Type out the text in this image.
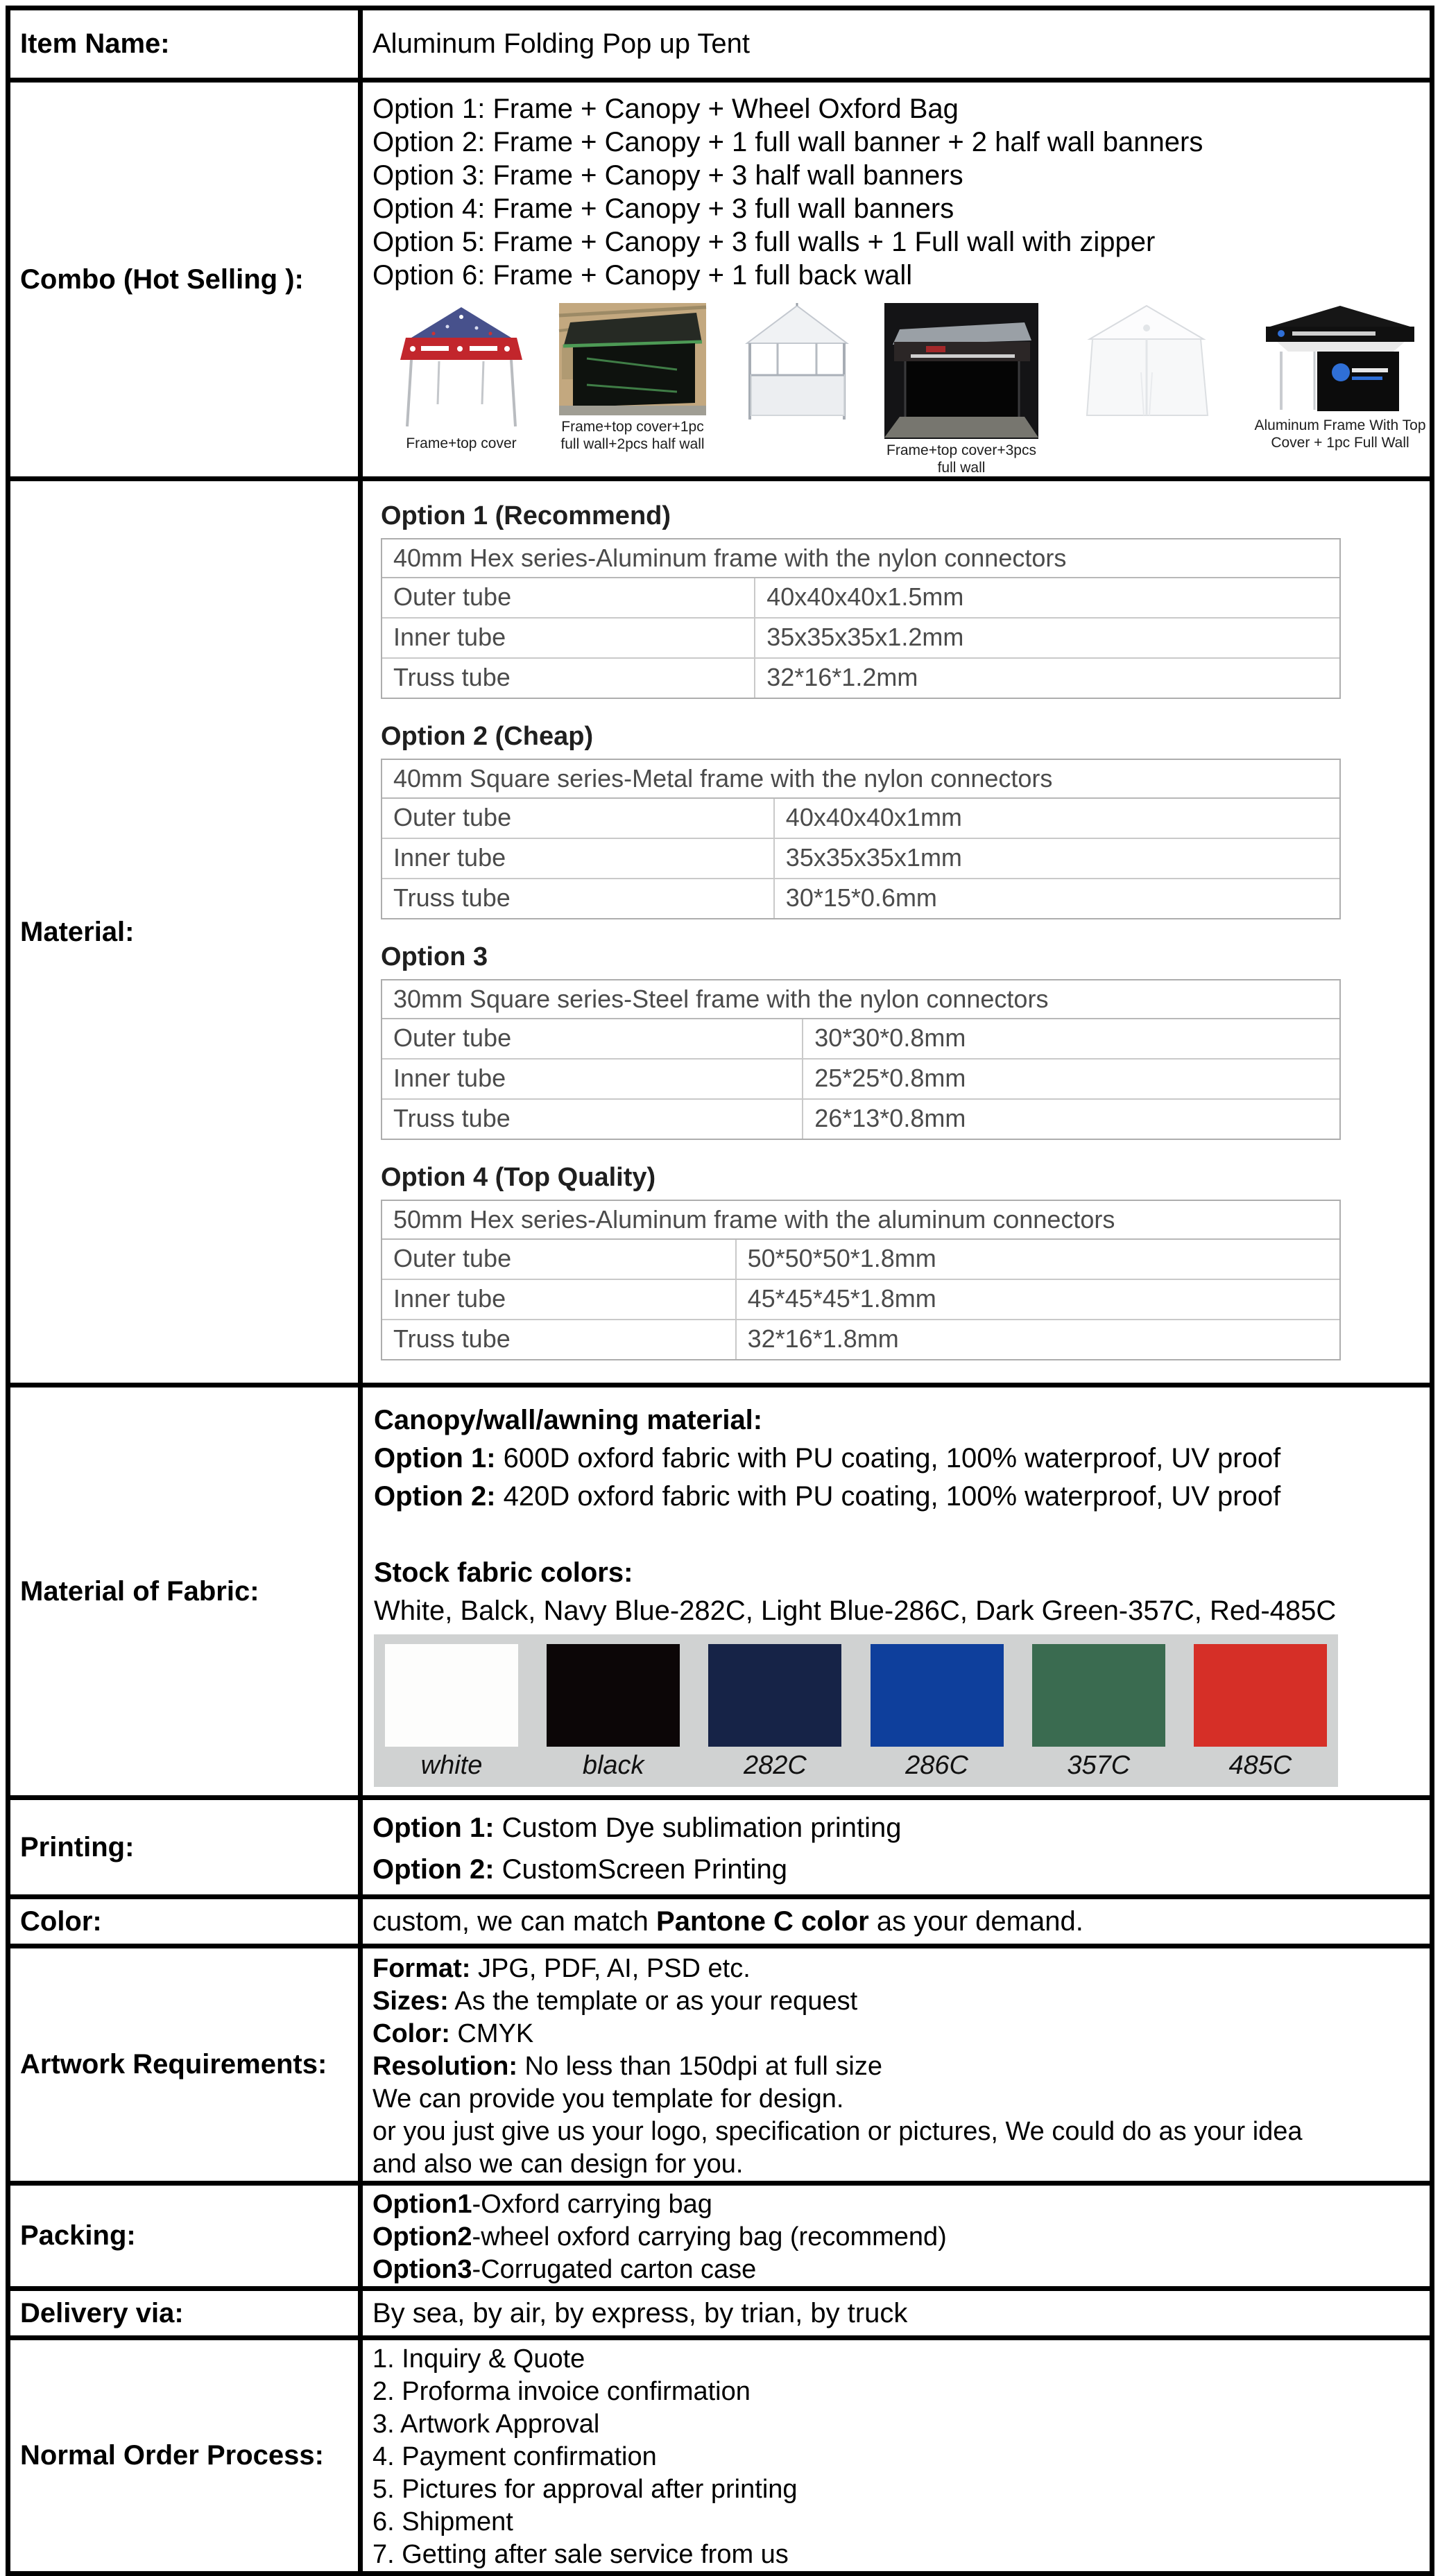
Item Name:	Aluminum Folding Pop up Tent

Combo (Hot Selling ):	
Option 1: Frame + Canopy + Wheel Oxford Bag
Option 2: Frame + Canopy + 1 full wall banner + 2 half wall banners
Option 3: Frame + Canopy + 3 half wall banners
Option 4: Frame + Canopy + 3 full wall banners
Option 5: Frame + Canopy + 3 full walls + 1 Full wall with zipper
Option 6: Frame + Canopy + 1 full back wall
Frame+top cover
Frame+top cover+1pc full wall+2pcs half wall	Frame+top cover+3pcs full wall
Aluminum Frame With Top Cover + 1pc Full Wall

Material:	
Option 1 (Recommend)
40mm Hex series-Aluminum frame with the nylon connectors
Outer tube	40x40x40x1.5mm
Inner tube	35x35x35x1.2mm
Truss tube	32*16*1.2mm
Option 2 (Cheap)
40mm Square series-Metal frame with the nylon connectors
Outer tube	40x40x40x1mm
Inner tube	35x35x35x1mm
Truss tube	30*15*0.6mm
Option 3
30mm Square series-Steel frame with the nylon connectors
Outer tube	30*30*0.8mm
Inner tube	25*25*0.8mm
Truss tube	26*13*0.8mm
Option 4 (Top Quality)
50mm Hex series-Aluminum frame with the aluminum connectors
Outer tube	50*50*50*1.8mm
Inner tube	45*45*45*1.8mm
Truss tube	32*16*1.8mm

Material of Fabric:	
Canopy/wall/awning material:
Option 1: 600D oxford fabric with PU coating, 100% waterproof, UV proof
Option 2: 420D oxford fabric with PU coating, 100% waterproof, UV proof
Stock fabric colors:
White, Balck, Navy Blue-282C, Light Blue-286C, Dark Green-357C, Red-485C
white	black	282C	286C	357C	485C

Printing:	Option 1: Custom Dye sublimation printing
Option 2: CustomScreen Printing

Color:	custom, we can match Pantone C color as your demand.

Artwork Requirements:	
Format: JPG, PDF, AI, PSD etc.
Sizes: As the template or as your request
Color: CMYK
Resolution: No less than 150dpi at full size
We can provide you template for design.
or you just give us your logo, specification or pictures, We could do as your idea
and also we can design for you.

Packing:	Option1-Oxford carrying bag
Option2-wheel oxford carrying bag (recommend)
Option3-Corrugated carton case

Delivery via:	By sea, by air, by express, by trian, by truck

Normal Order Process:	
1. Inquiry & Quote
2. Proforma invoice confirmation
3. Artwork Approval
4. Payment confirmation
5. Pictures for approval after printing
6. Shipment
7. Getting after sale service from us
